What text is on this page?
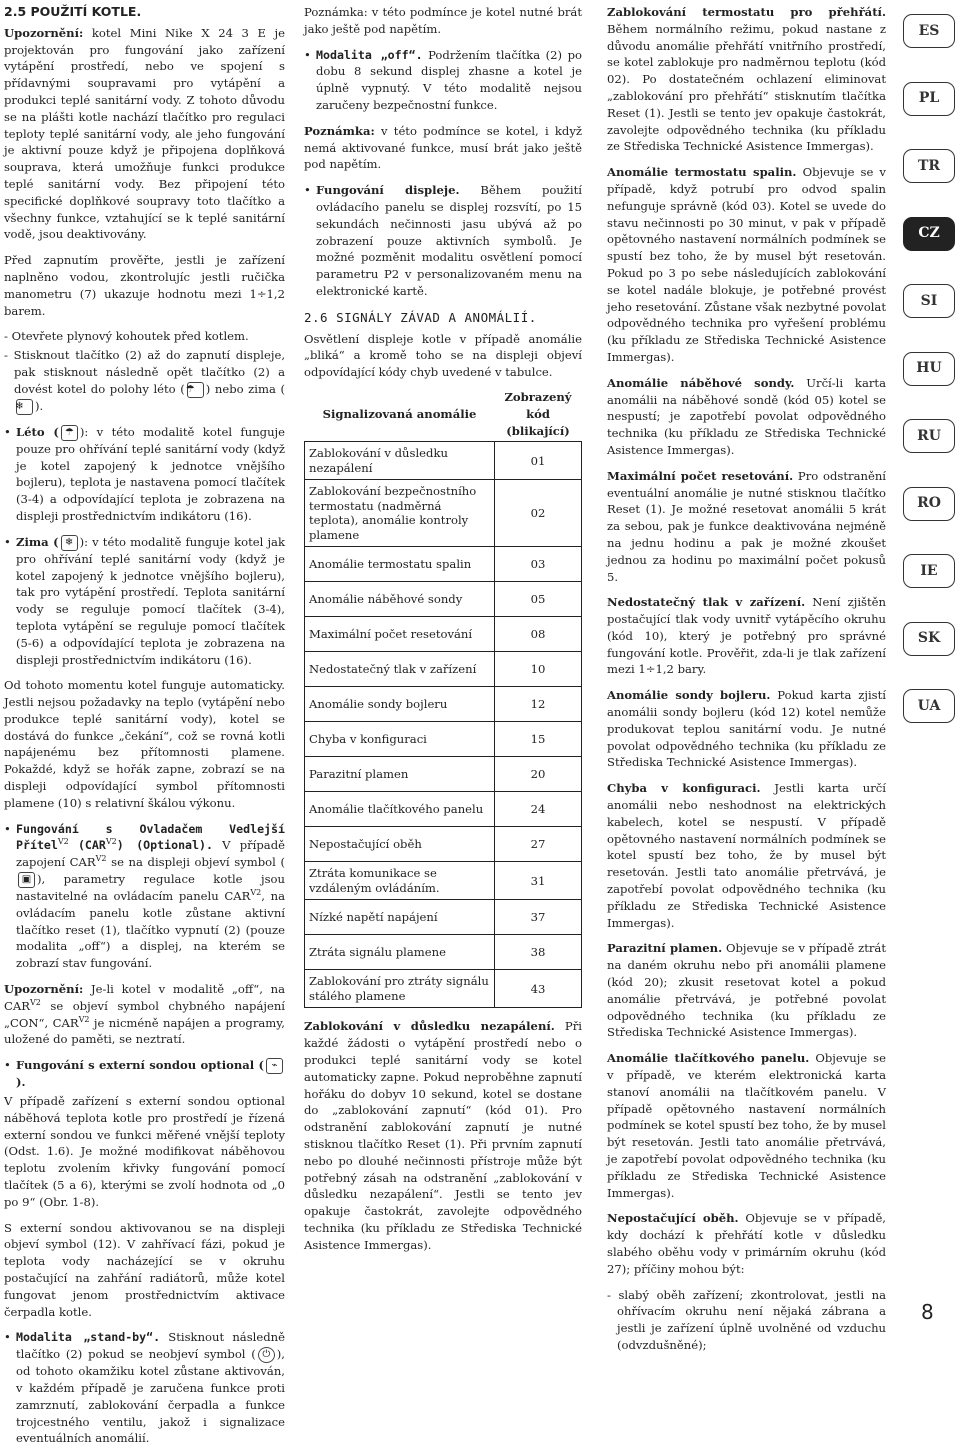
2.5 POUŽITÍ KOTLE.

Upozornění: kotel Mini Nike X 24 3 E je projektován pro fungování jako zařízení vytápění prostředí, nebo ve spojení s přídavnými soupravami pro vytápění a produkci teplé sanitární vody. Z tohoto důvodu se na plášti kotle nachází tlačítko pro regulaci teploty teplé sanitární vody, ale jeho fungování je aktivní pouze když je připojena doplňková souprava, která umožňuje funkci produkce teplé sanitární vody. Bez připojení této specifické doplňkové soupravy toto tlačítko a všechny funkce, vztahující se k teplé sanitární vodě, jsou deaktivovány.

Před zapnutím prověřte, jestli je zařízení naplněno vodou, zkontrolujíc jestli ručička manometru (7) ukazuje hodnotu mezi 1÷1,2 barem.

- Otevřete plynový kohoutek před kotlem.

- Stisknout tlačítko (2) až do zapnutí displeje, pak stisknout následně opět tlačítko (2) a dovést kotel do polohy léto (☂ ) nebo zima (❄ ).

• Léto ( ☂ ): v této modalitě kotel funguje pouze pro ohřívání teplé sanitární vody (když je kotel zapojený k jednotce vnějšího bojleru), teplota je nastavena pomocí tlačítek (3-4) a odpovídající teplota je zobrazena na displeji prostřednictvím indikátoru (16).

• Zima ( ❄ ): v této modalitě funguje kotel jak pro ohřívání teplé sanitární vody (když je kotel zapojený k jednotce vnějšího bojleru), tak pro vytápění prostředí. Teplota sanitární vody se reguluje pomocí tlačítek (3-4), teplota vytápění se reguluje pomocí tlačítek (5-6) a odpovídající teplota je zobrazena na displeji prostřednictvím indikátoru (16).

Od tohoto momentu kotel funguje automaticky. Jestli nejsou požadavky na teplo (vytápění nebo produkce teplé sanitární vody), kotel se dostává do funkce „čekání“, což se rovná kotli napájenému bez přítomnosti plamene. Pokaždé, když se hořák zapne, zobrazí se na displeji odpovídající symbol přítomnosti plamene (10) s relativní škálou výkonu.

• Fungování s Ovladačem Vedlejší Přítel$^{V2}$ $(CAR^{V2})$ (Optional). V případě zapojení $CAR^{V2}$ se na displeji objeví symbol (▣ ), parametry regulace kotle jsou nastavitelné na ovládacím panelu $CAR^{V2}$, na ovládacím panelu kotle zůstane aktivní tlačítko reset (1), tlačítko vypnutí (2) (pouze modalita „off“) a displej, na kterém se zobrazí stav fungování.

Upozornění: Je-li kotel v modalitě „off“, na $CAR^{V2}$ se objeví symbol chybného napájení „CON“, $CAR^{V2}$ je nicméně napájen a programy, uložené do paměti, se neztratí.

• Fungování s externí sondou optional ( ⌁).

V případě zařízení s externí sondou optional náběhová teplota kotle pro prostředí je řízená externí sondou ve funkci měřené vnější teploty (Odst. 1.6). Je možné modifikovat náběhovou teplotu zvolením křivky fungování pomocí tlačítek (5 a 6), kterými se zvolí hodnota od „0 po 9“ (Obr. 1-8).

S externí sondou aktivovanou se na displeji objeví symbol (12). V zahřívací fázi, pokud je teplota vody nacházející se v okruhu postačující na zahřání radiátorů, může kotel fungovat jenom prostřednictvím aktivace čerpadla kotle.

• Modalita „stand-by“. Stisknout následně tlačítko (2) pokud se neobjeví symbol ( ⏻ ), od tohoto okamžiku kotel zůstane aktivován, v každém případě je zaručena funkce proti zamrznutí, zablokování čerpadla a funkce trojcestného ventilu, jakož i signalizace eventuálních anomálií.

Poznámka: v této podmínce je kotel nutné brát jako ještě pod napětím.

• Modalita „off“. Podržením tlačítka (2) po dobu 8 sekund displej zhasne a kotel je úplně vypnutý. V této modalitě nejsou zaručeny bezpečnostní funkce.

Poznámka: v této podmínce se kotel, i když nemá aktivované funkce, musí brát jako ještě pod napětím.

• Fungování displeje. Během použití ovládacího panelu se displej rozsvítí, po 15 sekundách nečinnosti jasu ubývá až po zobrazení pouze aktivních symbolů. Je možné pozměnit modalitu osvětlení pomocí parametru P2 v personalizovaném menu na elektronické kartě.

2.6 SIGNÁLY ZÁVAD A ANOMÁLIÍ.

Osvětlení displeje kotle v případě anomálie „bliká“ a kromě toho se na displeji objeví odpovídající kódy chyb uvedené v tabulce.

Signalizovaná anomálie	Zobrazený kód (blikající)
Zablokování v důsledku nezapálení	01
Zablokování bezpečnostního termostatu (nadměrná teplota), anomálie kontroly plamene	02
Anomálie termostatu spalin	03
Anomálie náběhové sondy	05
Maximální počet resetování	08
Nedostatečný tlak v zařízení	10
Anomálie sondy bojleru	12
Chyba v konfiguraci	15
Parazitní plamen	20
Anomálie tlačítkového panelu	24
Nepostačující oběh	27
Ztráta komunikace se vzdáleným ovládáním.	31
Nízké napětí napájení	37
Ztráta signálu plamene	38
Zablokování pro ztráty signálu stálého plamene	43

Zablokování v důsledku nezapálení. Při každé žádosti o vytápění prostředí nebo o produkci teplé sanitární vody se kotel automaticky zapne. Pokud neproběhne zapnutí hořáku do dobyv 10 sekund, kotel se dostane do „zablokování zapnutí“ (kód 01). Pro odstranění zablokování zapnutí je nutné stisknou tlačítko Reset (1). Při prvním zapnutí nebo po dlouhé nečinnosti přístroje může být potřebný zásah na odstranění „zablokování v důsledku nezapálení“. Jestli se tento jev opakuje častokrát, zavolejte odpovědného technika (ku příkladu ze Střediska Technické Asistence Immergas).

Zablokování termostatu pro přehřátí. Během normálního režimu, pokud nastane z důvodu anomálie přehřátí vnitřního prostředí, se kotel zablokuje pro nadměrnou teplotu (kód 02). Po dostatečném ochlazení eliminovat „zablokování pro přehřátí“ stisknutím tlačítka Reset (1). Jestli se tento jev opakuje častokrát, zavolejte odpovědného technika (ku příkladu ze Střediska Technické Asistence Immergas).

Anomálie termostatu spalin. Objevuje se v případě, když potrubí pro odvod spalin nefunguje správně (kód 03). Kotel se uvede do stavu nečinnosti po 30 minut, v pak v případě opětovného nastavení normálních podmínek se spustí bez toho, že by musel být resetován. Pokud po 3 po sebe následujících zablokování se kotel nadále blokuje, je potřebné provést jeho resetování. Zůstane však nezbytné povolat odpovědného technika pro vyřešení problému (ku příkladu ze Střediska Technické Asistence Immergas).

Anomálie náběhové sondy. Určí-li karta anomálii na náběhové sondě (kód 05) kotel se nespustí; je zapotřebí povolat odpovědného technika (ku příkladu ze Střediska Technické Asistence Immergas).

Maximální počet resetování. Pro odstranění eventuální anomálie je nutné stisknou tlačítko Reset (1). Je možné resetovat anomálii 5 krát za sebou, pak je funkce deaktivována nejméně na jednu hodinu a pak je možné zkoušet jednou za hodinu po maximální počet pokusů 5.

Nedostatečný tlak v zařízení. Není zjištěn postačující tlak vody uvnitř vytápěcího okruhu (kód 10), který je potřebný pro správné fungování kotle. Prověřit, zda-li je tlak zařízení mezi 1÷1,2 bary.

Anomálie sondy bojleru. Pokud karta zjistí anomálii sondy bojleru (kód 12) kotel nemůže produkovat teplou sanitární vodu. Je nutné povolat odpovědného technika (ku příkladu ze Střediska Technické Asistence Immergas).

Chyba v konfiguraci. Jestli karta určí anomálii nebo neshodnost na elektrických kabelech, kotel se nespustí. V případě opětovného nastavení normálních podmínek se kotel spustí bez toho, že by musel být resetován. Jestli tato anomálie přetrvává, je zapotřebí povolat odpovědného technika (ku příkladu ze Střediska Technické Asistence Immergas).

Parazitní plamen. Objevuje se v případě ztrát na daném okruhu nebo při anomálii plamene (kód 20); zkusit resetovat kotel a pokud anomálie přetrvává, je potřebné povolat odpovědného technika (ku příkladu ze Střediska Technické Asistence Immergas).

Anomálie tlačítkového panelu. Objevuje se v případě, ve kterém elektronická karta stanoví anomálii na tlačítkovém panelu. V případě opětovného nastavení normálních podmínek se kotel spustí bez toho, že by musel být resetován. Jestli tato anomálie přetrvává, je zapotřebí povolat odpovědného technika (ku příkladu ze Střediska Technické Asistence Immergas).

Nepostačující oběh. Objevuje se v případě, kdy dochází k přehřátí kotle v důsledku slabého oběhu vody v primárním okruhu (kód 27); příčiny mohou být:

- slabý oběh zařízení; zkontrolovat, jestli na ohřívacím okruhu není nějaká zábrana a jestli je zařízení úplně uvolněné od vzduchu (odvzdušněné);

ES
PL
TR
CZ
SI
HU
RU
RO
IE
SK
UA
8
